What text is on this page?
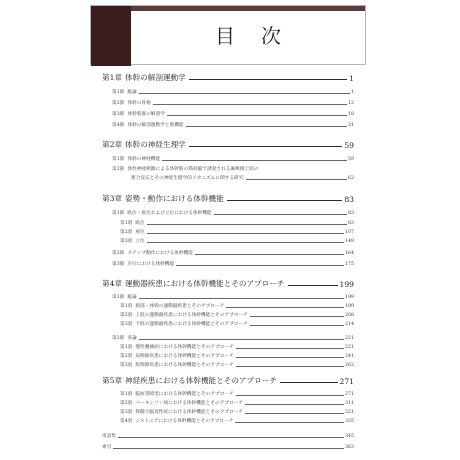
目次
第1章 体幹の解剖運動学	1
第1節 総論	1
第2節 体幹の骨格	12
第3節 体幹筋群の解剖学	18
第4節 体幹の解剖運動学と筋機能	31
第2章 体幹の神経生理学	59
第1節 体幹の神経機能	59
第2節 体性神経刺激による体幹筋の筋収縮で誘発される麻痺側上肢の
連合反応とその神経生理学的メカニズムに関する研究	62
第3章 姿勢・動作における体幹機能	83
第1節 臥位・座位および立位における体幹機能	83
第1項 臥位	83
第2項 座位	107
第3項 立位	149
第2節 ステップ動作における体幹機能	164
第3節 歩行における体幹機能	175
第4章 運動器疾患における体幹機能とそのアプローチ	199
第1節 総論	199
第1項 頚部・体幹の運動器疾患とそのアプローチ	199
第2項 上肢の運動器疾患における体幹機能とそのアプローチ	208
第3項 下肢の運動器疾患における体幹機能とそのアプローチ	214
第2節 各論	221
第1項 慢性腰痛症における体幹機能とそのアプローチ	221
第2項 肩関節疾患における体幹機能とそのアプローチ	241
第3項 股関節疾患における体幹機能とそのアプローチ	262
第5章 神経疾患における体幹機能とそのアプローチ	271
第1項 脳血管障害における体幹機能とそのアプローチ	271
第2項 パーキンソン病における体幹機能とそのアプローチ	311
第3項 脊髄小脳変性症における体幹機能とそのアプローチ	321
第4項 ジストニアにおける体幹機能とそのアプローチ	335
用語集	345
索引	363
